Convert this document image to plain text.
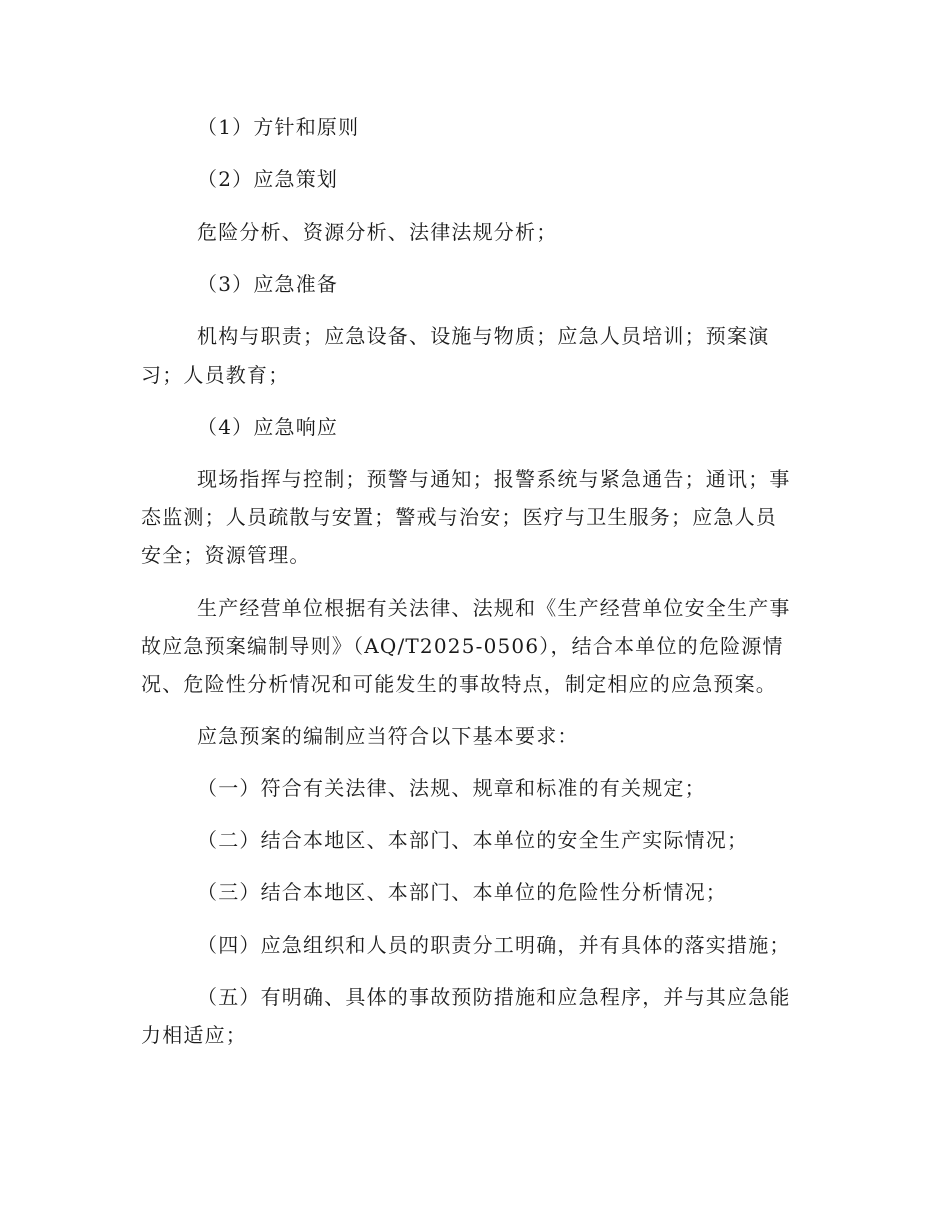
（1）方针和原则
（2）应急策划
危险分析、资源分析、法律法规分析；
（3）应急准备
机构与职责；应急设备、设施与物质；应急人员培训；预案演
习；人员教育；
（4）应急响应
现场指挥与控制；预警与通知；报警系统与紧急通告；通讯；事
态监测；人员疏散与安置；警戒与治安；医疗与卫生服务；应急人员
安全；资源管理。
生产经营单位根据有关法律、法规和《生产经营单位安全生产事
故应急预案编制导则》（AQ/T2025-0506），结合本单位的危险源情
况、危险性分析情况和可能发生的事故特点，制定相应的应急预案。
应急预案的编制应当符合以下基本要求：
（一）符合有关法律、法规、规章和标准的有关规定；
（二）结合本地区、本部门、本单位的安全生产实际情况；
（三）结合本地区、本部门、本单位的危险性分析情况；
（四）应急组织和人员的职责分工明确，并有具体的落实措施；
（五）有明确、具体的事故预防措施和应急程序，并与其应急能
力相适应；
